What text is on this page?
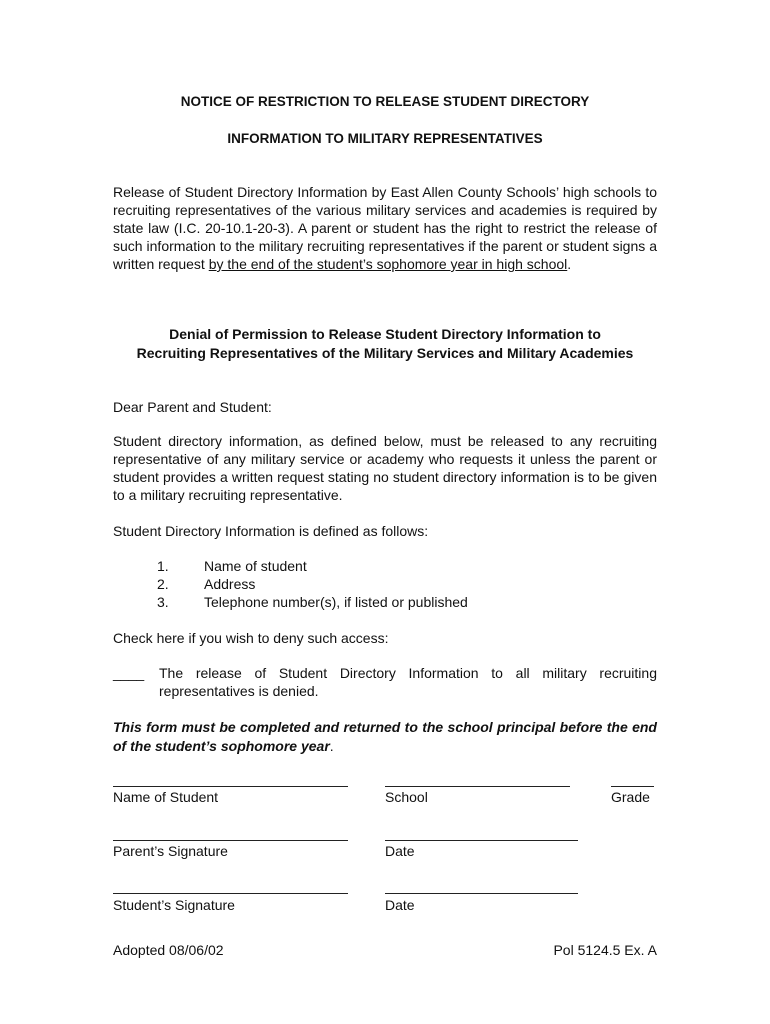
NOTICE OF RESTRICTION TO RELEASE STUDENT DIRECTORY
INFORMATION TO MILITARY REPRESENTATIVES
Release of Student Directory Information by East Allen County Schools’ high schools to recruiting representatives of the various military services and academies is required by state law (I.C. 20-10.1-20-3). A parent or student has the right to restrict the release of such information to the military recruiting representatives if the parent or student signs a written request by the end of the student’s sophomore year in high school.
Denial of Permission to Release Student Directory Information to
Recruiting Representatives of the Military Services and Military Academies
Dear Parent and Student:
Student directory information, as defined below, must be released to any recruiting representative of any military service or academy who requests it unless the parent or student provides a written request stating no student directory information is to be given to a military recruiting representative.
Student Directory Information is defined as follows:
1.	Name of student
2.	Address
3.	Telephone number(s), if listed or published
Check here if you wish to deny such access:
____ The release of Student Directory Information to all military recruiting representatives is denied.
This form must be completed and returned to the school principal before the end of the student’s sophomore year.
Name of Student	School	Grade
Parent’s Signature	Date
Student’s Signature	Date
Adopted 08/06/02	Pol 5124.5 Ex. A
